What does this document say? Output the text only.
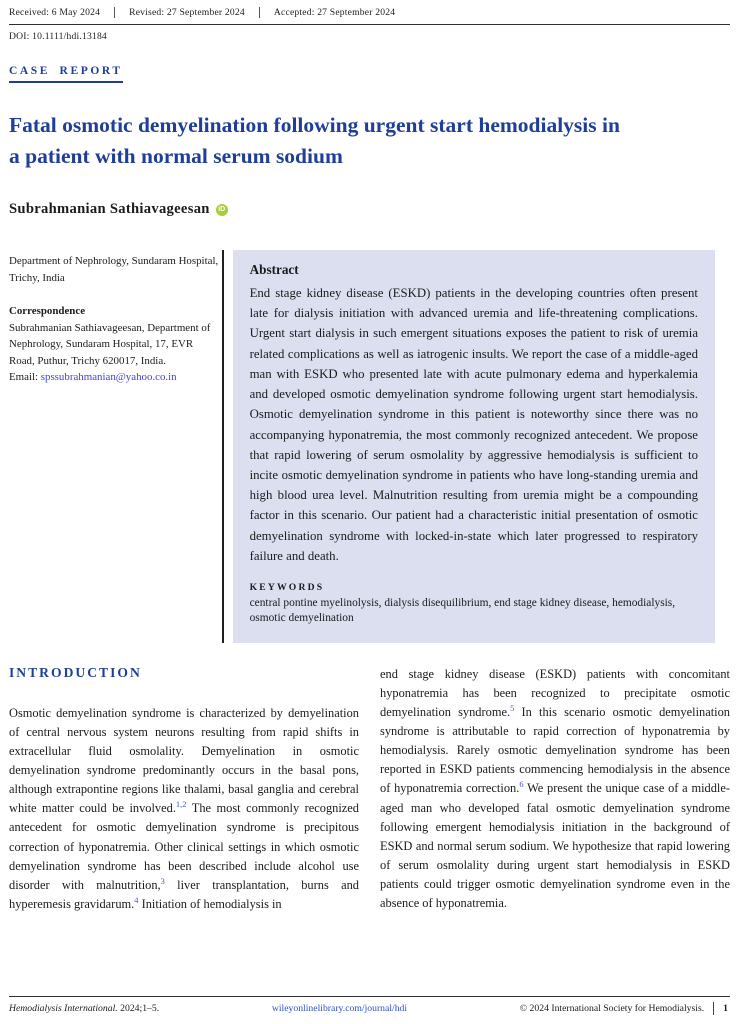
Received: 6 May 2024	Revised: 27 September 2024	Accepted: 27 September 2024
DOI: 10.1111/hdi.13184
CASE REPORT
Fatal osmotic demyelination following urgent start hemodialysis in a patient with normal serum sodium
Subrahmanian Sathiavageesan	iD
Department of Nephrology, Sundaram Hospital, Trichy, India
Correspondence
Subrahmanian Sathiavageesan, Department of Nephrology, Sundaram Hospital, 17, EVR Road, Puthur, Trichy 620017, India.
Email: spssubrahmanian@yahoo.co.in
Abstract
End stage kidney disease (ESKD) patients in the developing countries often present late for dialysis initiation with advanced uremia and life-threatening complications. Urgent start dialysis in such emergent situations exposes the patient to risk of uremia related complications as well as iatrogenic insults. We report the case of a middle-aged man with ESKD who presented late with acute pulmonary edema and hyperkalemia and developed osmotic demyelination syndrome following urgent start hemodialysis. Osmotic demyelination syndrome in this patient is noteworthy since there was no accompanying hyponatremia, the most commonly recognized antecedent. We propose that rapid lowering of serum osmolality by aggressive hemodialysis is sufficient to incite osmotic demyelination syndrome in patients who have long-standing uremia and high blood urea level. Malnutrition resulting from uremia might be a compounding factor in this scenario. Our patient had a characteristic initial presentation of osmotic demyelination syndrome with locked-in-state which later progressed to respiratory failure and death.
KEYWORDS
central pontine myelinolysis, dialysis disequilibrium, end stage kidney disease, hemodialysis, osmotic demyelination
INTRODUCTION

Osmotic demyelination syndrome is characterized by demyelination of central nervous system neurons resulting from rapid shifts in extracellular fluid osmolality. Demyelination in osmotic demyelination syndrome predominantly occurs in the basal pons, although extrapontine regions like thalami, basal ganglia and cerebral white matter could be involved.$^{1,2}$ The most commonly recognized antecedent for osmotic demyelination syndrome is precipitous correction of hyponatremia. Other clinical settings in which osmotic demyelination syndrome has been described include alcohol use disorder with malnutrition,$^3$ liver transplantation, burns and hyperemesis gravidarum.$^4$ Initiation of hemodialysis in

end stage kidney disease (ESKD) patients with concomitant hyponatremia has been recognized to precipitate osmotic demyelination syndrome.$^5$ In this scenario osmotic demyelination syndrome is attributable to rapid correction of hyponatremia by hemodialysis. Rarely osmotic demyelination syndrome has been reported in ESKD patients commencing hemodialysis in the absence of hyponatremia correction.$^6$ We present the unique case of a middle-aged man who developed fatal osmotic demyelination syndrome following emergent hemodialysis initiation in the background of ESKD and normal serum sodium. We hypothesize that rapid lowering of serum osmolality during urgent start hemodialysis in ESKD patients could trigger osmotic demyelination syndrome even in the absence of hyponatremia.

Hemodialysis International. 2024;1–5.	wileyonlinelibrary.com/journal/hdi	© 2024 International Society for Hemodialysis. 1
